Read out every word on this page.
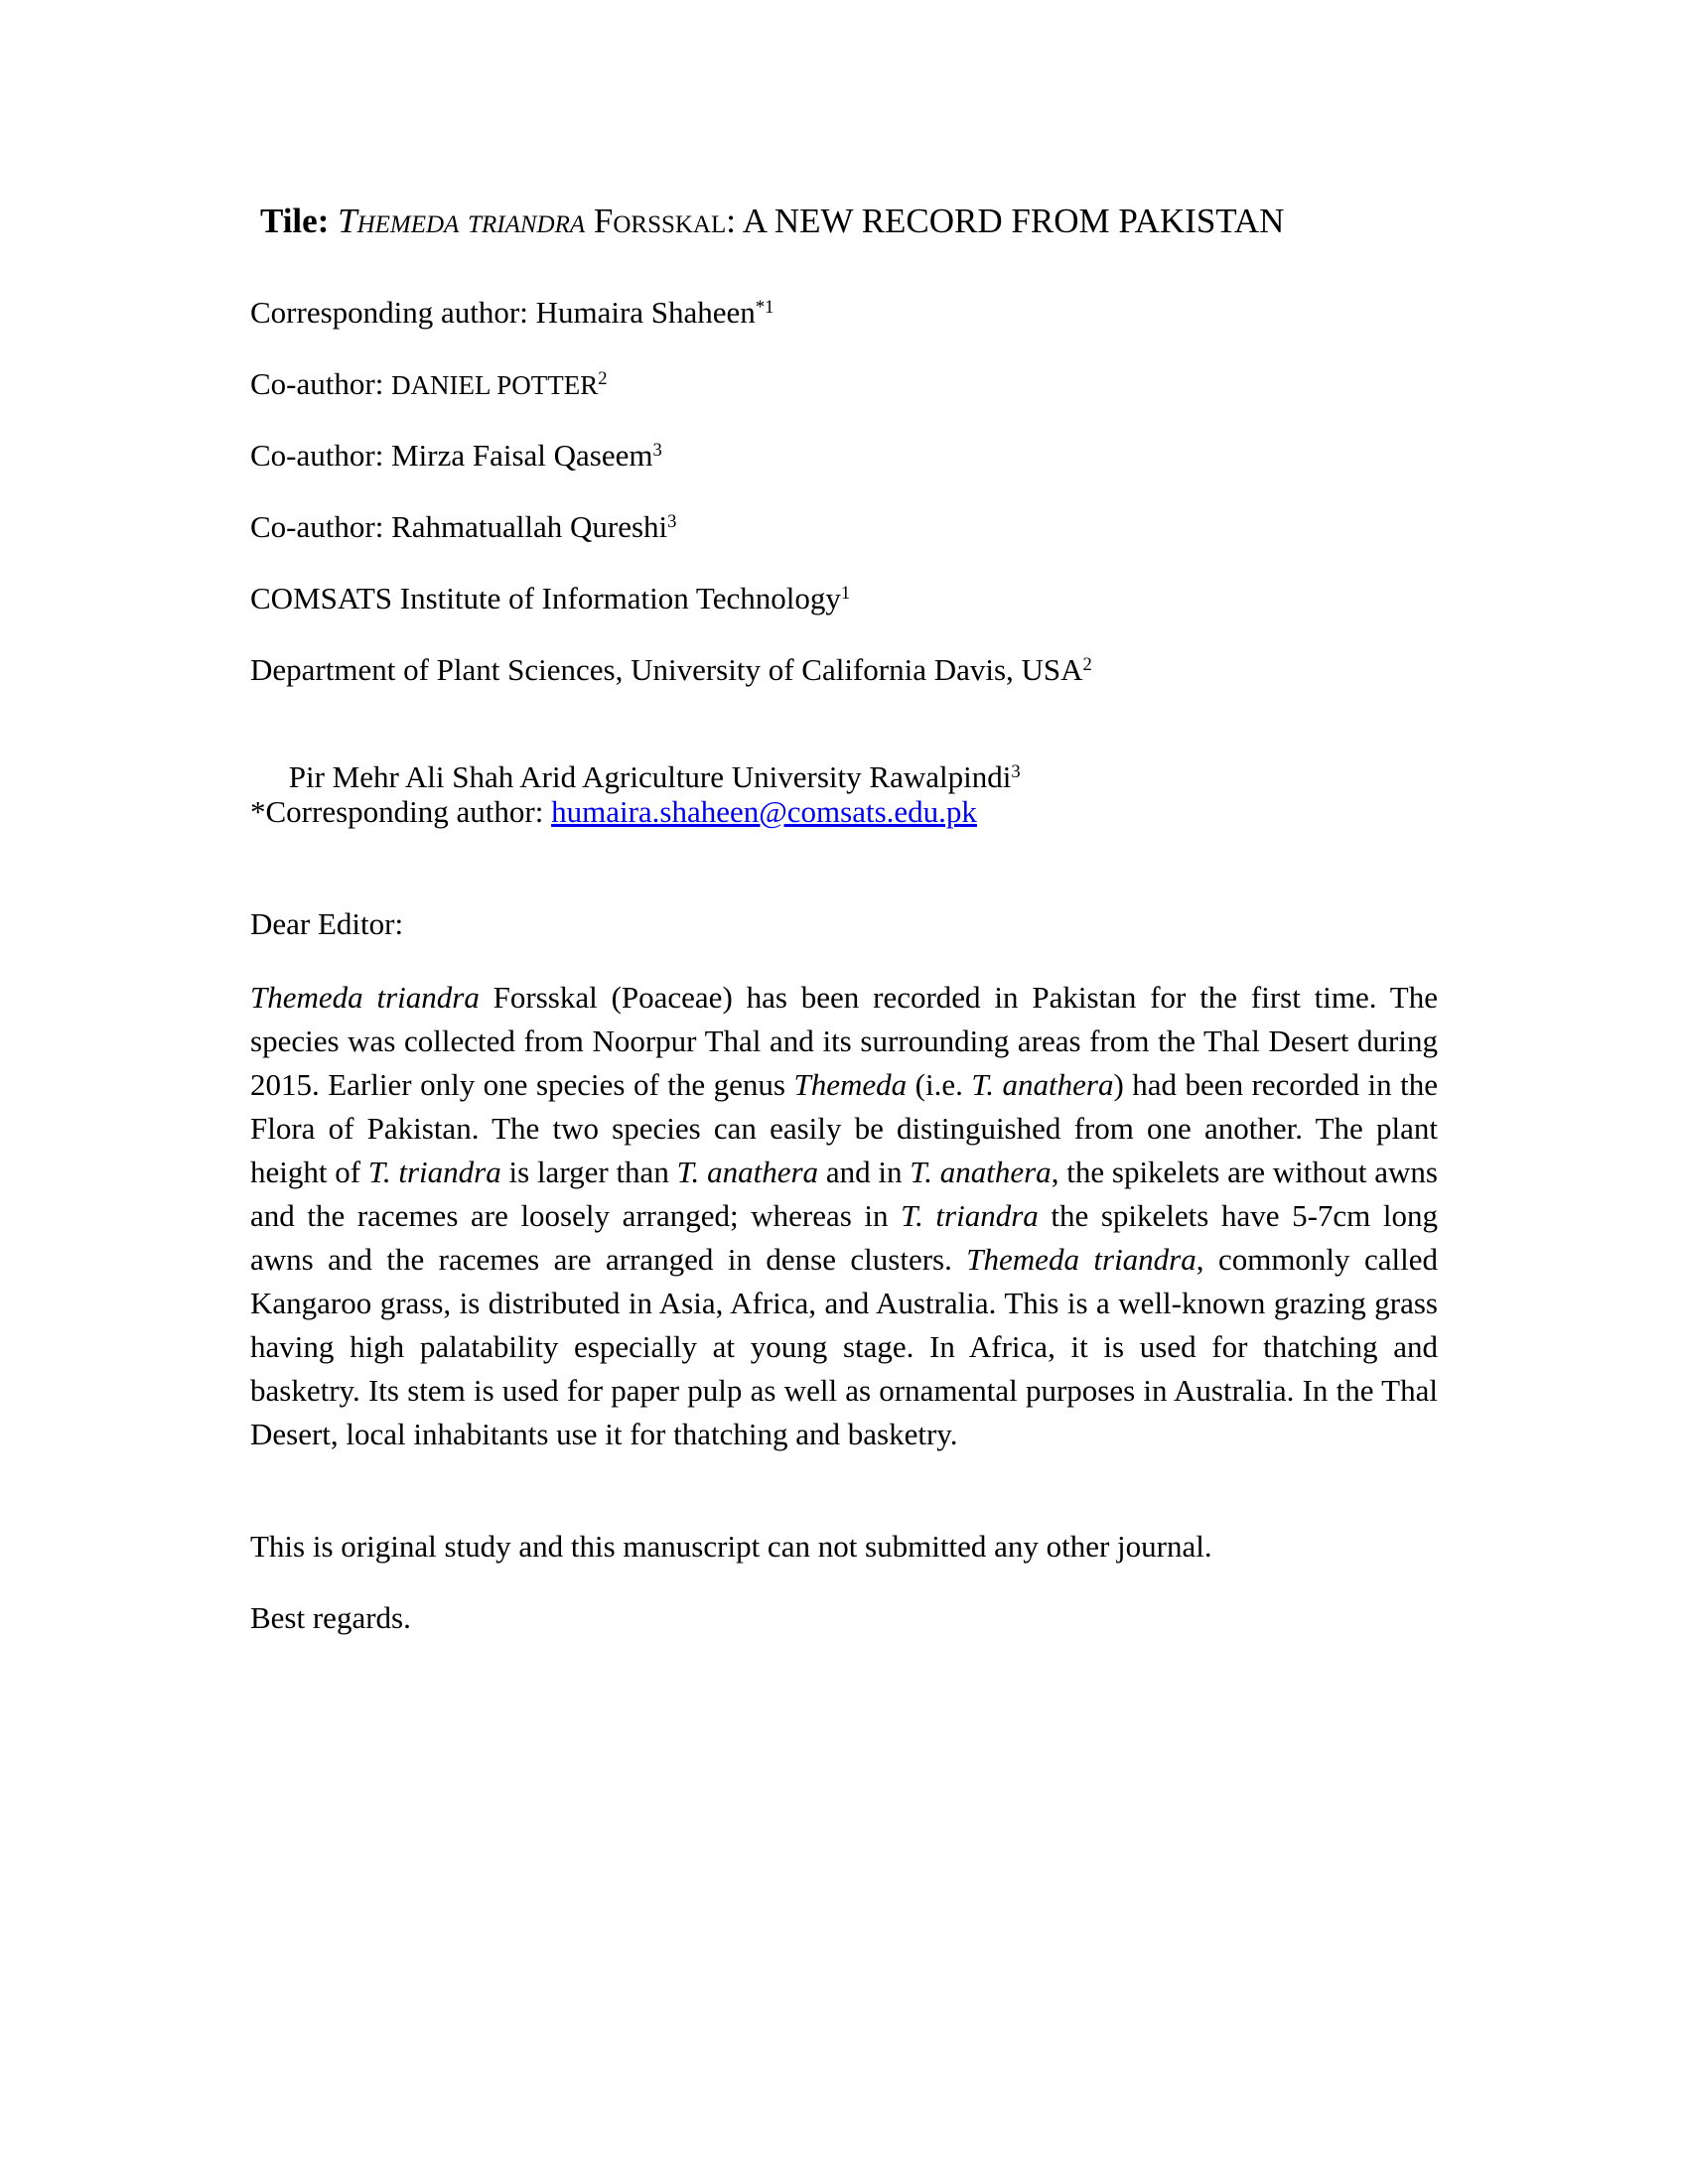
Tile: Themeda triandra Forsskal: A NEW RECORD FROM PAKISTAN
Corresponding author: Humaira Shaheen$^{*1}$
Co-author: DANIEL POTTER$^2$
Co-author: Mirza Faisal Qaseem$^3$
Co-author: Rahmatuallah Qureshi$^3$
COMSATS Institute of Information Technology$^1$
Department of Plant Sciences, University of California Davis, USA$^2$

Pir Mehr Ali Shah Arid Agriculture University Rawalpindi$^3$

*Corresponding author: humaira.shaheen@comsats.edu.pk
Dear Editor:
Themeda triandra Forsskal (Poaceae) has been recorded in Pakistan for the first time. The species was collected from Noorpur Thal and its surrounding areas from the Thal Desert during 2015. Earlier only one species of the genus Themeda (i.e. T. anathera) had been recorded in the Flora of Pakistan. The two species can easily be distinguished from one another. The plant height of T. triandra is larger than T. anathera and in T. anathera, the spikelets are without awns and the racemes are loosely arranged; whereas in T. triandra the spikelets have 5-7cm long awns and the racemes are arranged in dense clusters. Themeda triandra, commonly called Kangaroo grass, is distributed in Asia, Africa, and Australia. This is a well-known grazing grass having high palatability especially at young stage. In Africa, it is used for thatching and basketry. Its stem is used for paper pulp as well as ornamental purposes in Australia. In the Thal Desert, local inhabitants use it for thatching and basketry.
This is original study and this manuscript can not submitted any other journal.
Best regards.
